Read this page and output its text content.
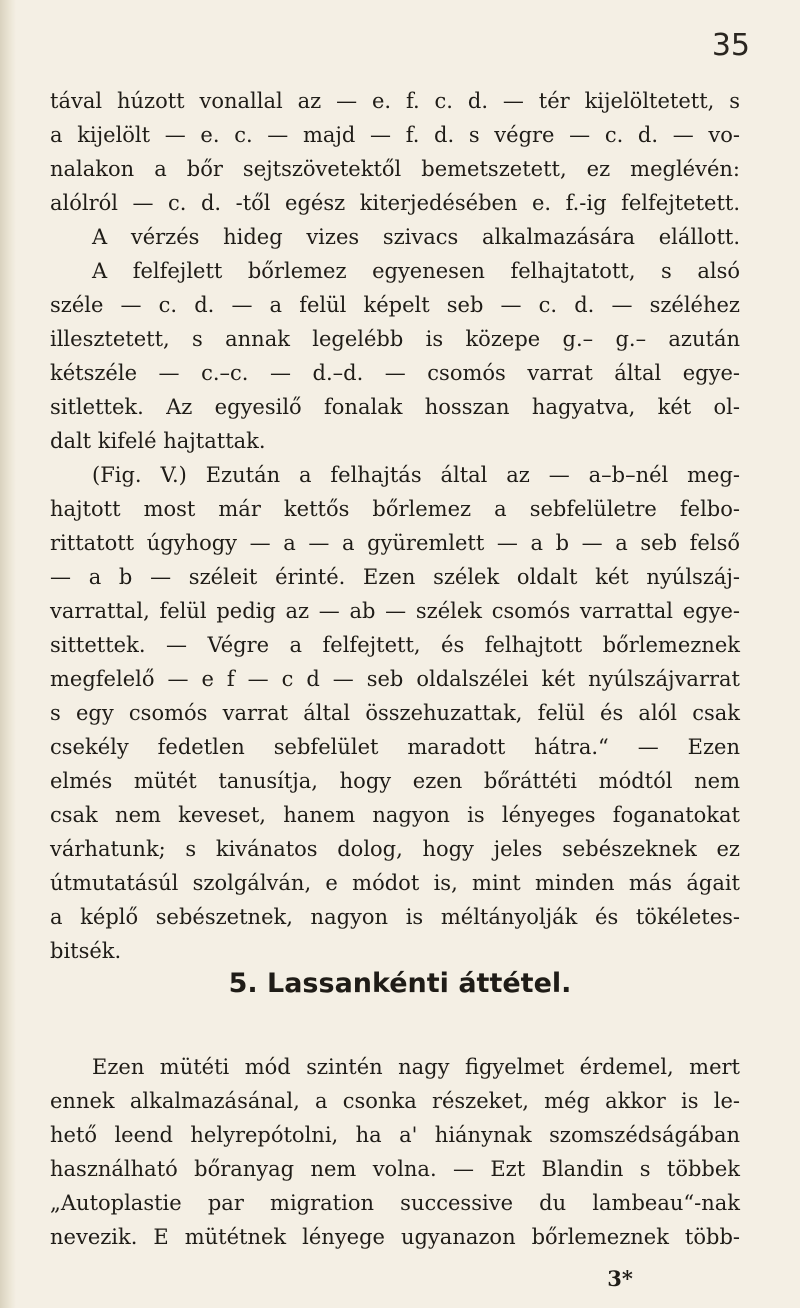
35
tával húzott vonallal az — e. f. c. d. — tér kijelöltetett, s
a kijelölt — e. c. — majd — f. d. s végre — c. d. — vo-
nalakon a bőr sejtszövetektől bemetszetett, ez meglévén:
alólról — c. d. -től egész kiterjedésében e. f.-ig felfejtetett.
A vérzés hideg vizes szivacs alkalmazására elállott.
A felfejlett bőrlemez egyenesen felhajtatott, s alsó
széle — c. d. — a felül képelt seb — c. d. — széléhez
illesztetett, s annak legelébb is közepe g.– g.– azután
kétszéle — c.–c. — d.–d. — csomós varrat által egye-
sitlettek. Az egyesilő fonalak hosszan hagyatva, két ol-
dalt kifelé hajtattak.
(Fig. V.) Ezután a felhajtás által az — a–b–nél meg-
hajtott most már kettős bőrlemez a sebfelületre felbo-
rittatott úgyhogy — a — a gyüremlett — a b — a seb felső
— a b — széleit érinté. Ezen szélek oldalt két nyúlszáj-
varrattal, felül pedig az — ab — szélek csomós varrattal egye-
sittettek. — Végre a felfejtett, és felhajtott bőrlemeznek
megfelelő — e f — c d — seb oldalszélei két nyúlszájvarrat
s egy csomós varrat által összehuzattak, felül és alól csak
csekély fedetlen sebfelület maradott hátra.“ — Ezen
elmés mütét tanusítja, hogy ezen bőráttéti módtól nem
csak nem keveset, hanem nagyon is lényeges foganatokat
várhatunk; s kivánatos dolog, hogy jeles sebészeknek ez
útmutatásúl szolgálván, e módot is, mint minden más ágait
a képlő sebészetnek, nagyon is méltányolják és tökéletes-
bitsék.
5. Lassankénti áttétel.
Ezen mütéti mód szintén nagy figyelmet érdemel, mert
ennek alkalmazásánal, a csonka részeket, még akkor is le-
hető leend helyrepótolni, ha a' hiánynak szomszédságában
használható bőranyag nem volna. — Ezt Blandin s többek
„Autoplastie par migration successive du lambeau“-nak
nevezik. E mütétnek lényege ugyanazon bőrlemeznek több-
3*
